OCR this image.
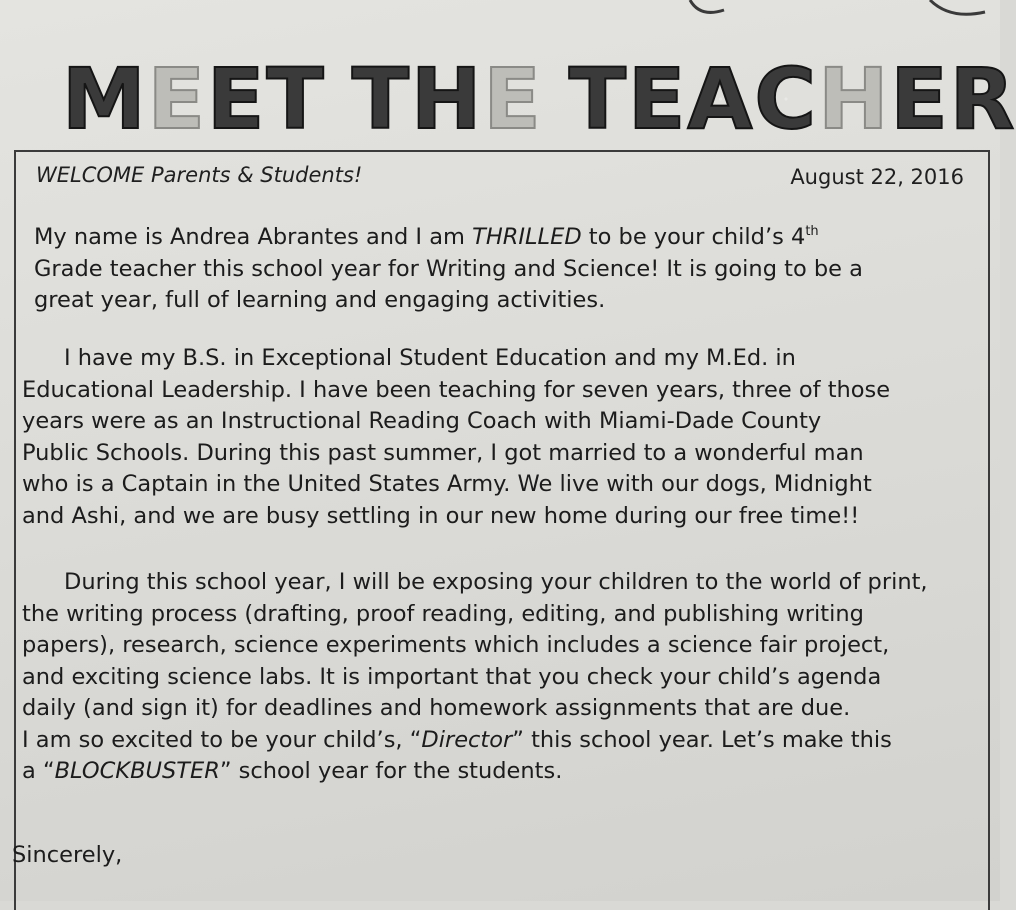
MEET THE TEACHER
WELCOME Parents & Students!	August 22, 2016

My name is Andrea Abrantes and I am THRILLED to be your child’s 4th
Grade teacher this school year for Writing and Science! It is going to be a
great year, full of learning and engaging activities.

I have my B.S. in Exceptional Student Education and my M.Ed. in
Educational Leadership. I have been teaching for seven years, three of those
years were as an Instructional Reading Coach with Miami-Dade County
Public Schools. During this past summer, I got married to a wonderful man
who is a Captain in the United States Army. We live with our dogs, Midnight
and Ashi, and we are busy settling in our new home during our free time!!

During this school year, I will be exposing your children to the world of print,
the writing process (drafting, proof reading, editing, and publishing writing
papers), research, science experiments which includes a science fair project,
and exciting science labs. It is important that you check your child’s agenda
daily (and sign it) for deadlines and homework assignments that are due.
I am so excited to be your child’s, “Director” this school year. Let’s make this
a “BLOCKBUSTER” school year for the students.

Sincerely,
